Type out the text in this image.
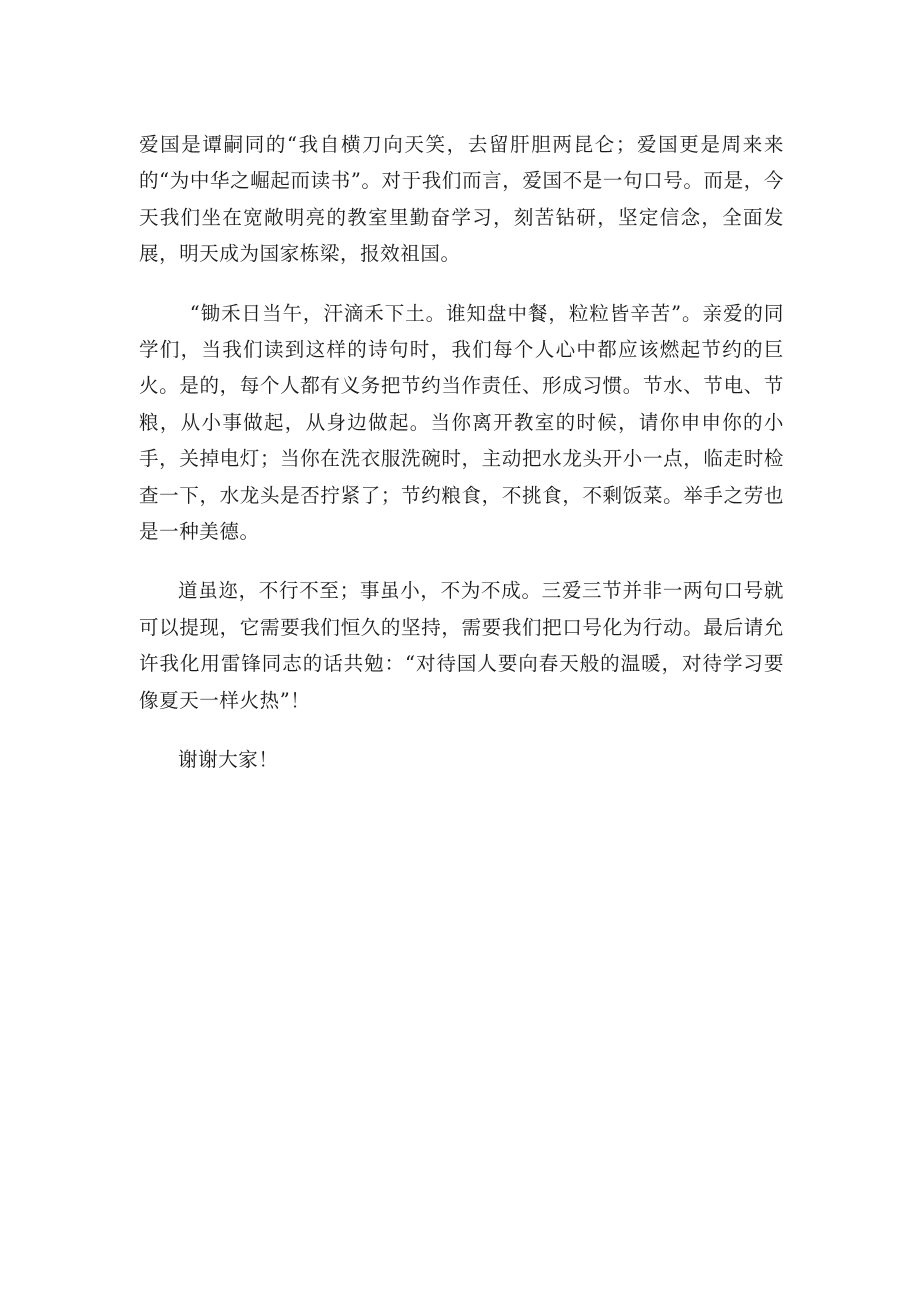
爱国是谭嗣同的“我自横刀向天笑，去留肝胆两昆仑；爱国更是周来来的“为中华之崛起而读书”。对于我们而言，爱国不是一句口号。而是，今天我们坐在宽敞明亮的教室里勤奋学习，刻苦钻研，坚定信念，全面发展，明天成为国家栋梁，报效祖国。

“锄禾日当午，汗滴禾下土。谁知盘中餐，粒粒皆辛苦”。亲爱的同学们，当我们读到这样的诗句时，我们每个人心中都应该燃起节约的巨火。是的，每个人都有义务把节约当作责任、形成习惯。节水、节电、节粮，从小事做起，从身边做起。当你离开教室的时候，请你申申你的小手，关掉电灯；当你在洗衣服洗碗时，主动把水龙头开小一点，临走时检查一下，水龙头是否拧紧了；节约粮食，不挑食，不剩饭菜。举手之劳也是一种美德。

道虽迩，不行不至；事虽小，不为不成。三爱三节并非一两句口号就可以提现，它需要我们恒久的坚持，需要我们把口号化为行动。最后请允许我化用雷锋同志的话共勉：“对待国人要向春天般的温暖，对待学习要像夏天一样火热”！

谢谢大家！
